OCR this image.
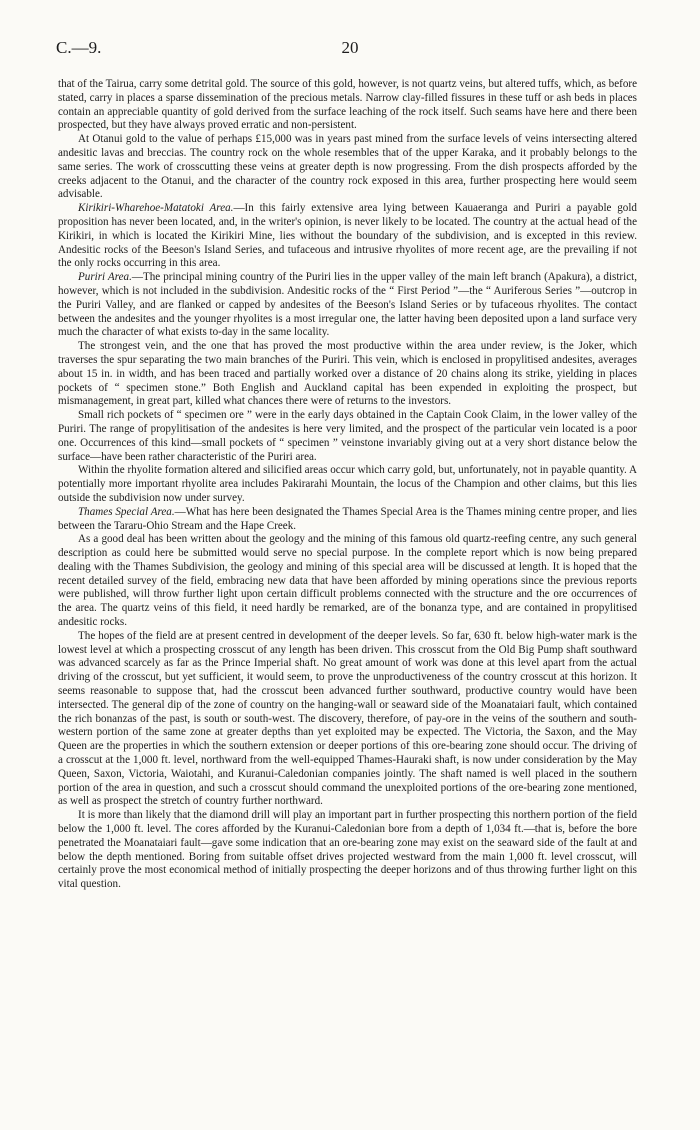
C.—9.	20

that of the Tairua, carry some detrital gold. The source of this gold, however, is not quartz veins, but altered tuffs, which, as before stated, carry in places a sparse dissemination of the precious metals. Narrow clay-filled fissures in these tuff or ash beds in places contain an appreciable quantity of gold derived from the surface leaching of the rock itself. Such seams have here and there been prospected, but they have always proved erratic and non-persistent.

At Otanui gold to the value of perhaps £15,000 was in years past mined from the surface levels of veins intersecting altered andesitic lavas and breccias. The country rock on the whole resembles that of the upper Karaka, and it probably belongs to the same series. The work of crosscutting these veins at greater depth is now progressing. From the dish prospects afforded by the creeks adjacent to the Otanui, and the character of the country rock exposed in this area, further prospecting here would seem advisable.

Kirikiri-Wharehoe-Matatoki Area.—In this fairly extensive area lying between Kauaeranga and Puriri a payable gold proposition has never been located, and, in the writer's opinion, is never likely to be located. The country at the actual head of the Kirikiri, in which is located the Kirikiri Mine, lies without the boundary of the subdivision, and is excepted in this review. Andesitic rocks of the Beeson's Island Series, and tufaceous and intrusive rhyolites of more recent age, are the prevailing if not the only rocks occurring in this area.

Puriri Area.—The principal mining country of the Puriri lies in the upper valley of the main left branch (Apakura), a district, however, which is not included in the subdivision. Andesitic rocks of the “ First Period ”—the “ Auriferous Series ”—outcrop in the Puriri Valley, and are flanked or capped by andesites of the Beeson's Island Series or by tufaceous rhyolites. The contact between the andesites and the younger rhyolites is a most irregular one, the latter having been deposited upon a land surface very much the character of what exists to-day in the same locality.

The strongest vein, and the one that has proved the most productive within the area under review, is the Joker, which traverses the spur separating the two main branches of the Puriri. This vein, which is enclosed in propylitised andesites, averages about 15 in. in width, and has been traced and partially worked over a distance of 20 chains along its strike, yielding in places pockets of “ specimen stone.” Both English and Auckland capital has been expended in exploiting the prospect, but mismanagement, in great part, killed what chances there were of returns to the investors.

Small rich pockets of “ specimen ore ” were in the early days obtained in the Captain Cook Claim, in the lower valley of the Puriri. The range of propylitisation of the andesites is here very limited, and the prospect of the particular vein located is a poor one. Occurrences of this kind—small pockets of “ specimen ” veinstone invariably giving out at a very short distance below the surface—have been rather characteristic of the Puriri area.

Within the rhyolite formation altered and silicified areas occur which carry gold, but, unfortunately, not in payable quantity. A potentially more important rhyolite area includes Pakirarahi Mountain, the locus of the Champion and other claims, but this lies outside the subdivision now under survey.

Thames Special Area.—What has here been designated the Thames Special Area is the Thames mining centre proper, and lies between the Tararu-Ohio Stream and the Hape Creek.

As a good deal has been written about the geology and the mining of this famous old quartz-reefing centre, any such general description as could here be submitted would serve no special purpose. In the complete report which is now being prepared dealing with the Thames Subdivision, the geology and mining of this special area will be discussed at length. It is hoped that the recent detailed survey of the field, embracing new data that have been afforded by mining operations since the previous reports were published, will throw further light upon certain difficult problems connected with the structure and the ore occurrences of the area. The quartz veins of this field, it need hardly be remarked, are of the bonanza type, and are contained in propylitised andesitic rocks.

The hopes of the field are at present centred in development of the deeper levels. So far, 630 ft. below high-water mark is the lowest level at which a prospecting crosscut of any length has been driven. This crosscut from the Old Big Pump shaft southward was advanced scarcely as far as the Prince Imperial shaft. No great amount of work was done at this level apart from the actual driving of the crosscut, but yet sufficient, it would seem, to prove the unproductiveness of the country crosscut at this horizon. It seems reasonable to suppose that, had the crosscut been advanced further southward, productive country would have been intersected. The general dip of the zone of country on the hanging-wall or seaward side of the Moanataiari fault, which contained the rich bonanzas of the past, is south or south-west. The discovery, therefore, of pay-ore in the veins of the southern and south-western portion of the same zone at greater depths than yet exploited may be expected. The Victoria, the Saxon, and the May Queen are the properties in which the southern extension or deeper portions of this ore-bearing zone should occur. The driving of a crosscut at the 1,000 ft. level, northward from the well-equipped Thames-Hauraki shaft, is now under consideration by the May Queen, Saxon, Victoria, Waiotahi, and Kuranui-Caledonian companies jointly. The shaft named is well placed in the southern portion of the area in question, and such a crosscut should command the unexploited portions of the ore-bearing zone mentioned, as well as prospect the stretch of country further northward.

It is more than likely that the diamond drill will play an important part in further prospecting this northern portion of the field below the 1,000 ft. level. The cores afforded by the Kuranui-Caledonian bore from a depth of 1,034 ft.—that is, before the bore penetrated the Moanataiari fault—gave some indication that an ore-bearing zone may exist on the seaward side of the fault at and below the depth mentioned. Boring from suitable offset drives projected westward from the main 1,000 ft. level crosscut, will certainly prove the most economical method of initially prospecting the deeper horizons and of thus throwing further light on this vital question.
